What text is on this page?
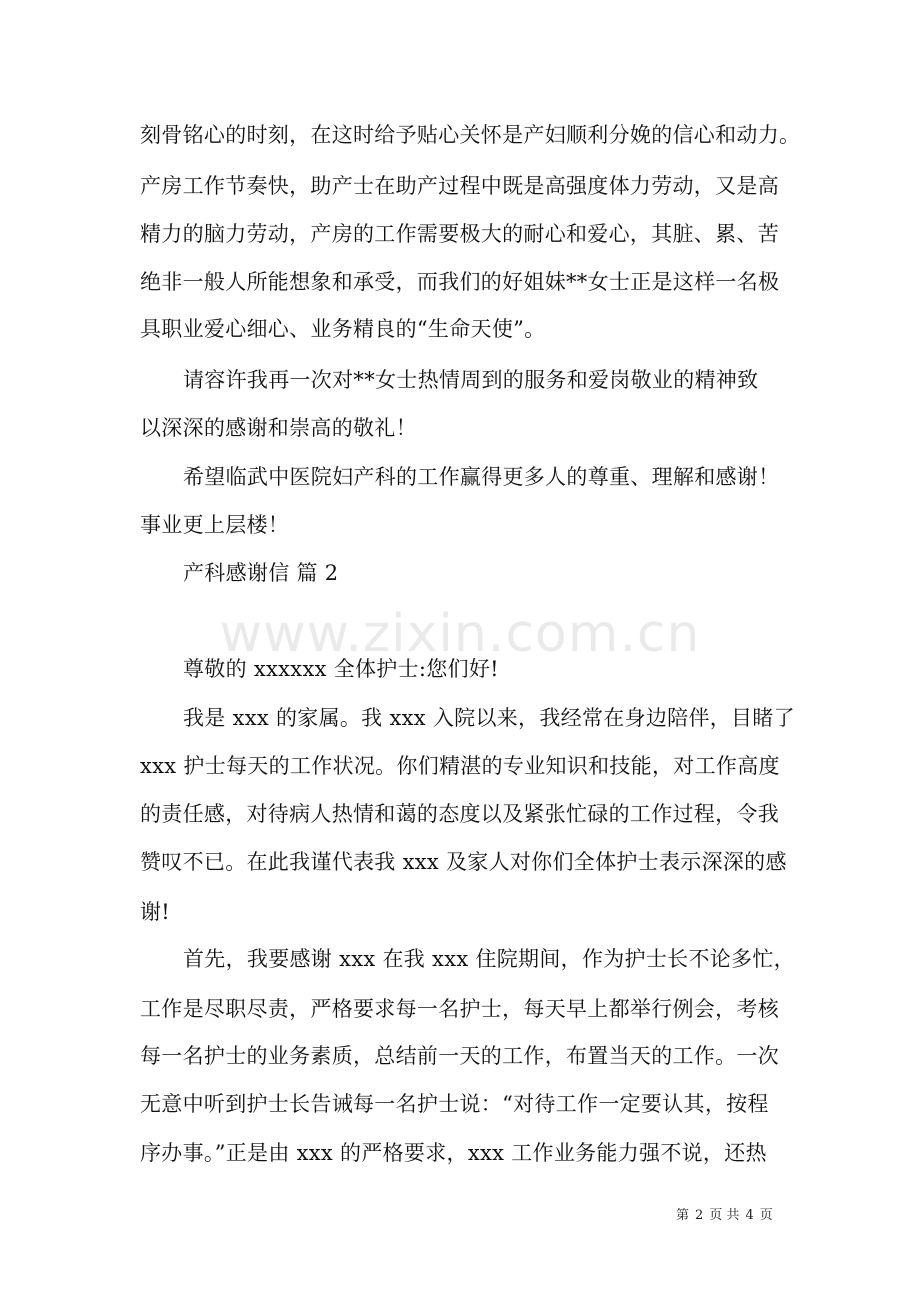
刻骨铭心的时刻，在这时给予贴心关怀是产妇顺利分娩的信心和动力。
产房工作节奏快，助产士在助产过程中既是高强度体力劳动，又是高
精力的脑力劳动，产房的工作需要极大的耐心和爱心，其脏、累、苦
绝非一般人所能想象和承受，而我们的好姐妹**女士正是这样一名极
具职业爱心细心、业务精良的“生命天使”。
请容许我再一次对**女士热情周到的服务和爱岗敬业的精神致
以深深的感谢和崇高的敬礼！
希望临武中医院妇产科的工作赢得更多人的尊重、理解和感谢！
事业更上层楼！
产科感谢信 篇 2
www.zixin.com.cn
尊敬的 xxxxxx 全体护士:您们好!
我是 xxx 的家属。我 xxx 入院以来，我经常在身边陪伴，目睹了
xxx 护士每天的工作状况。你们精湛的专业知识和技能，对工作高度
的责任感，对待病人热情和蔼的态度以及紧张忙碌的工作过程，令我
赞叹不已。在此我谨代表我 xxx 及家人对你们全体护士表示深深的感
谢!
首先，我要感谢 xxx 在我 xxx 住院期间，作为护士长不论多忙，
工作是尽职尽责，严格要求每一名护士，每天早上都举行例会，考核
每一名护士的业务素质，总结前一天的工作，布置当天的工作。一次
无意中听到护士长告诫每一名护士说：“对待工作一定要认其，按程
序办事。”正是由 xxx 的严格要求，xxx 工作业务能力强不说，还热
第 2 页 共 4 页
